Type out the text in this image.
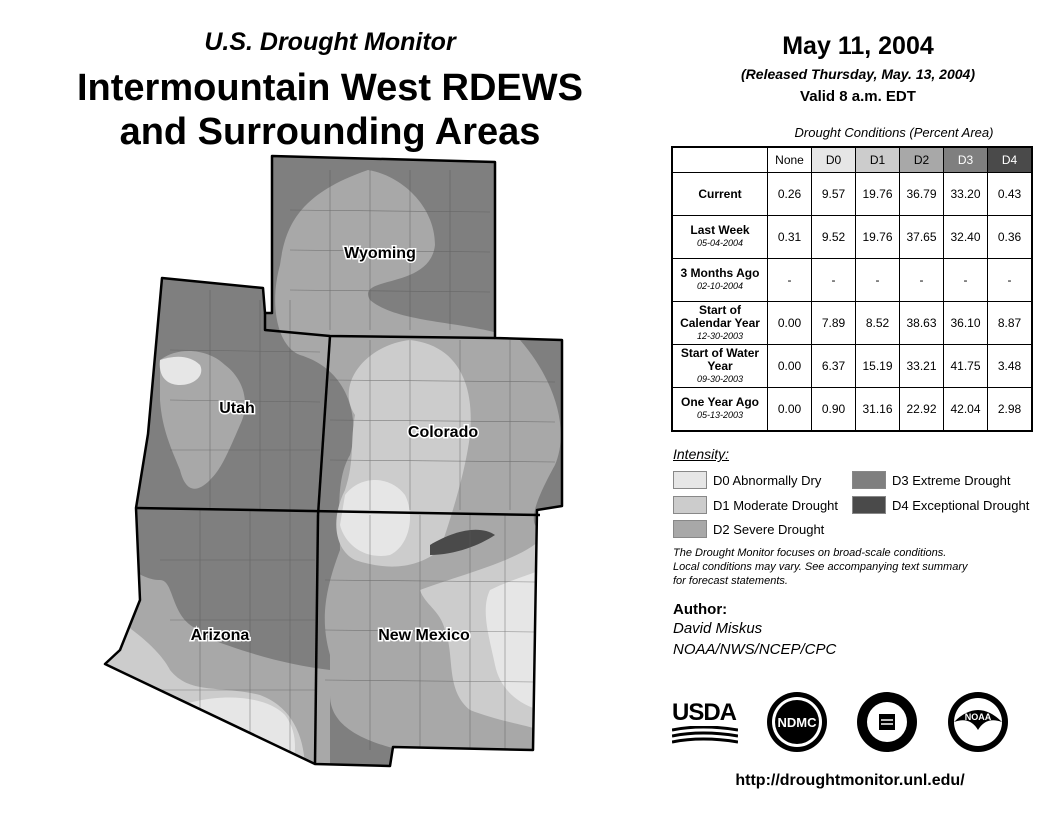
U.S. Drought Monitor
Intermountain West RDEWS
and Surrounding Areas
May 11, 2004
(Released Thursday, May. 13, 2004)
Valid 8 a.m. EDT
Wyoming
Utah
Colorado
Arizona	New Mexico
Drought Conditions (Percent Area)
	None	D0	D1	D2	D3	D4
Current	0.26	9.57	19.76	36.79	33.20	0.43
Last Week
05-04-2004	0.31	9.52	19.76	37.65	32.40	0.36
3 Months Ago
02-10-2004	-	-	-	-	-	-
Start of Calendar Year
12-30-2003	0.00	7.89	8.52	38.63	36.10	8.87
Start of Water Year
09-30-2003	0.00	6.37	15.19	33.21	41.75	3.48
One Year Ago
05-13-2003	0.00	0.90	31.16	22.92	42.04	2.98
Intensity:
D0 Abnormally Dry
D1 Moderate Drought
D2 Severe Drought
D3 Extreme Drought
D4 Exceptional Drought
The Drought Monitor focuses on broad-scale conditions.
Local conditions may vary. See accompanying text summary
for forecast statements.
Author:
David Miskus
NOAA/NWS/NCEP/CPC
USDA	NDMC	NOAA
http://droughtmonitor.unl.edu/
